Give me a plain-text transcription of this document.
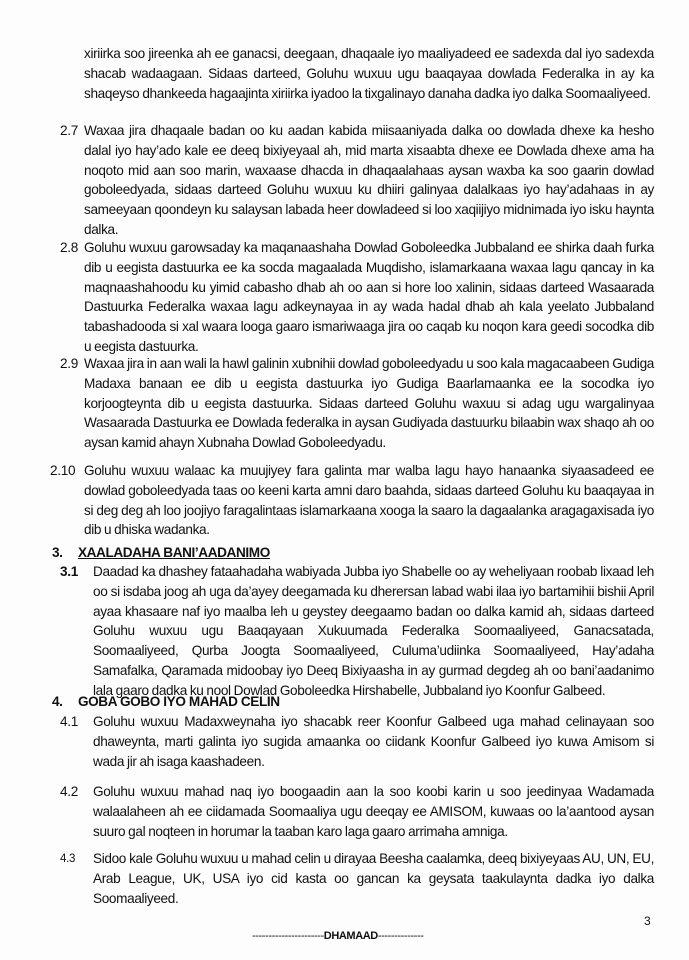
xiriirka soo jireenka ah ee ganacsi, deegaan, dhaqaale iyo maaliyadeed ee sadexda dal iyo sadexda shacab wadaagaan. Sidaas darteed, Goluhu wuxuu ugu baaqayaa dowlada Federalka in ay ka shaqeyso dhankeeda hagaajinta xiriirka iyadoo la tixgalinayo danaha dadka iyo dalka Soomaaliyeed.
2.7 Waxaa jira dhaqaale badan oo ku aadan kabida miisaaniyada dalka oo dowlada dhexe ka hesho dalal iyo hay’ado kale ee deeq bixiyeyaal ah, mid marta xisaabta dhexe ee Dowlada dhexe ama ha noqoto mid aan soo marin, waxaase dhacda in dhaqaalahaas aysan waxba ka soo gaarin dowlad goboleedyada, sidaas darteed Goluhu wuxuu ku dhiiri galinyaa dalalkaas iyo hay’adahaas in ay sameeyaan qoondeyn ku salaysan labada heer dowladeed si loo xaqiijiyo midnimada iyo isku haynta dalka.
2.8 Goluhu wuxuu garowsaday ka maqanaashaha Dowlad Goboleedka Jubbaland ee shirka daah furka dib u eegista dastuurka ee ka socda magaalada Muqdisho, islamarkaana waxaa lagu qancay in ka maqnaashahoodu ku yimid cabasho dhab ah oo aan si hore loo xalinin, sidaas darteed Wasaarada Dastuurka Federalka waxaa lagu adkeynayaa in ay wada hadal dhab ah kala yeelato Jubbaland tabashadooda si xal waara looga gaaro ismariwaaga jira oo caqab ku noqon kara geedi socodka dib u eegista dastuurka.
2.9 Waxaa jira in aan wali la hawl galinin xubnihii dowlad goboleedyadu u soo kala magacaabeen Gudiga Madaxa banaan ee dib u eegista dastuurka iyo Gudiga Baarlamaanka ee la socodka iyo korjoogteynta dib u eegista dastuurka. Sidaas darteed Goluhu waxuu si adag ugu wargalinyaa Wasaarada Dastuurka ee Dowlada federalka in aysan Gudiyada dastuurku bilaabin wax shaqo ah oo aysan kamid ahayn Xubnaha Dowlad Goboleedyadu.
2.10 Goluhu wuxuu walaac ka muujiyey fara galinta mar walba lagu hayo hanaanka siyaasadeed ee dowlad goboleedyada taas oo keeni karta amni daro baahda, sidaas darteed Goluhu ku baaqayaa in si deg deg ah loo joojiyo faragalintaas islamarkaana xooga la saaro la dagaalanka aragagaxisada iyo dib u dhiska wadanka.
3. XAALADAHA BANI’AADANIMO
3.1 Daadad ka dhashey fataahadaha wabiyada Jubba iyo Shabelle oo ay weheliyaan roobab lixaad leh oo si isdaba joog ah uga da’ayey deegamada ku dherersan labad wabi ilaa iyo bartamihii bishii April ayaa khasaare naf iyo maalba leh u geystey deegaamo badan oo dalka kamid ah, sidaas darteed Goluhu wuxuu ugu Baaqayaan Xukuumada Federalka Soomaaliyeed, Ganacsatada, Soomaaliyeed, Qurba Joogta Soomaaliyeed, Culuma’udiinka Soomaaliyeed, Hay’adaha Samafalka, Qaramada midoobay iyo Deeq Bixiyaasha in ay gurmad degdeg ah oo bani’aadanimo lala gaaro dadka ku nool Dowlad Goboleedka Hirshabelle, Jubbaland iyo Koonfur Galbeed.
4. GOBA GOBO IYO MAHAD CELIN
4.1 Goluhu wuxuu Madaxweynaha iyo shacabk reer Koonfur Galbeed uga mahad celinayaan soo dhaweynta, marti galinta iyo sugida amaanka oo ciidank Koonfur Galbeed iyo kuwa Amisom si wada jir ah isaga kaashadeen.
4.2 Goluhu wuxuu mahad naq iyo boogaadin aan la soo koobi karin u soo jeedinyaa Wadamada walaalaheen ah ee ciidamada Soomaaliya ugu deeqay ee AMISOM, kuwaas oo la’aantood aysan suuro gal noqteen in horumar la taaban karo laga gaaro arrimaha amniga.
4.3 Sidoo kale Goluhu wuxuu u mahad celin u dirayaa Beesha caalamka, deeq bixiyeyaas AU, UN, EU, Arab League, UK, USA iyo cid kasta oo gancan ka geysata taakulaynta dadka iyo dalka Soomaaliyeed.
3
----------------------DHAMAAD--------------
